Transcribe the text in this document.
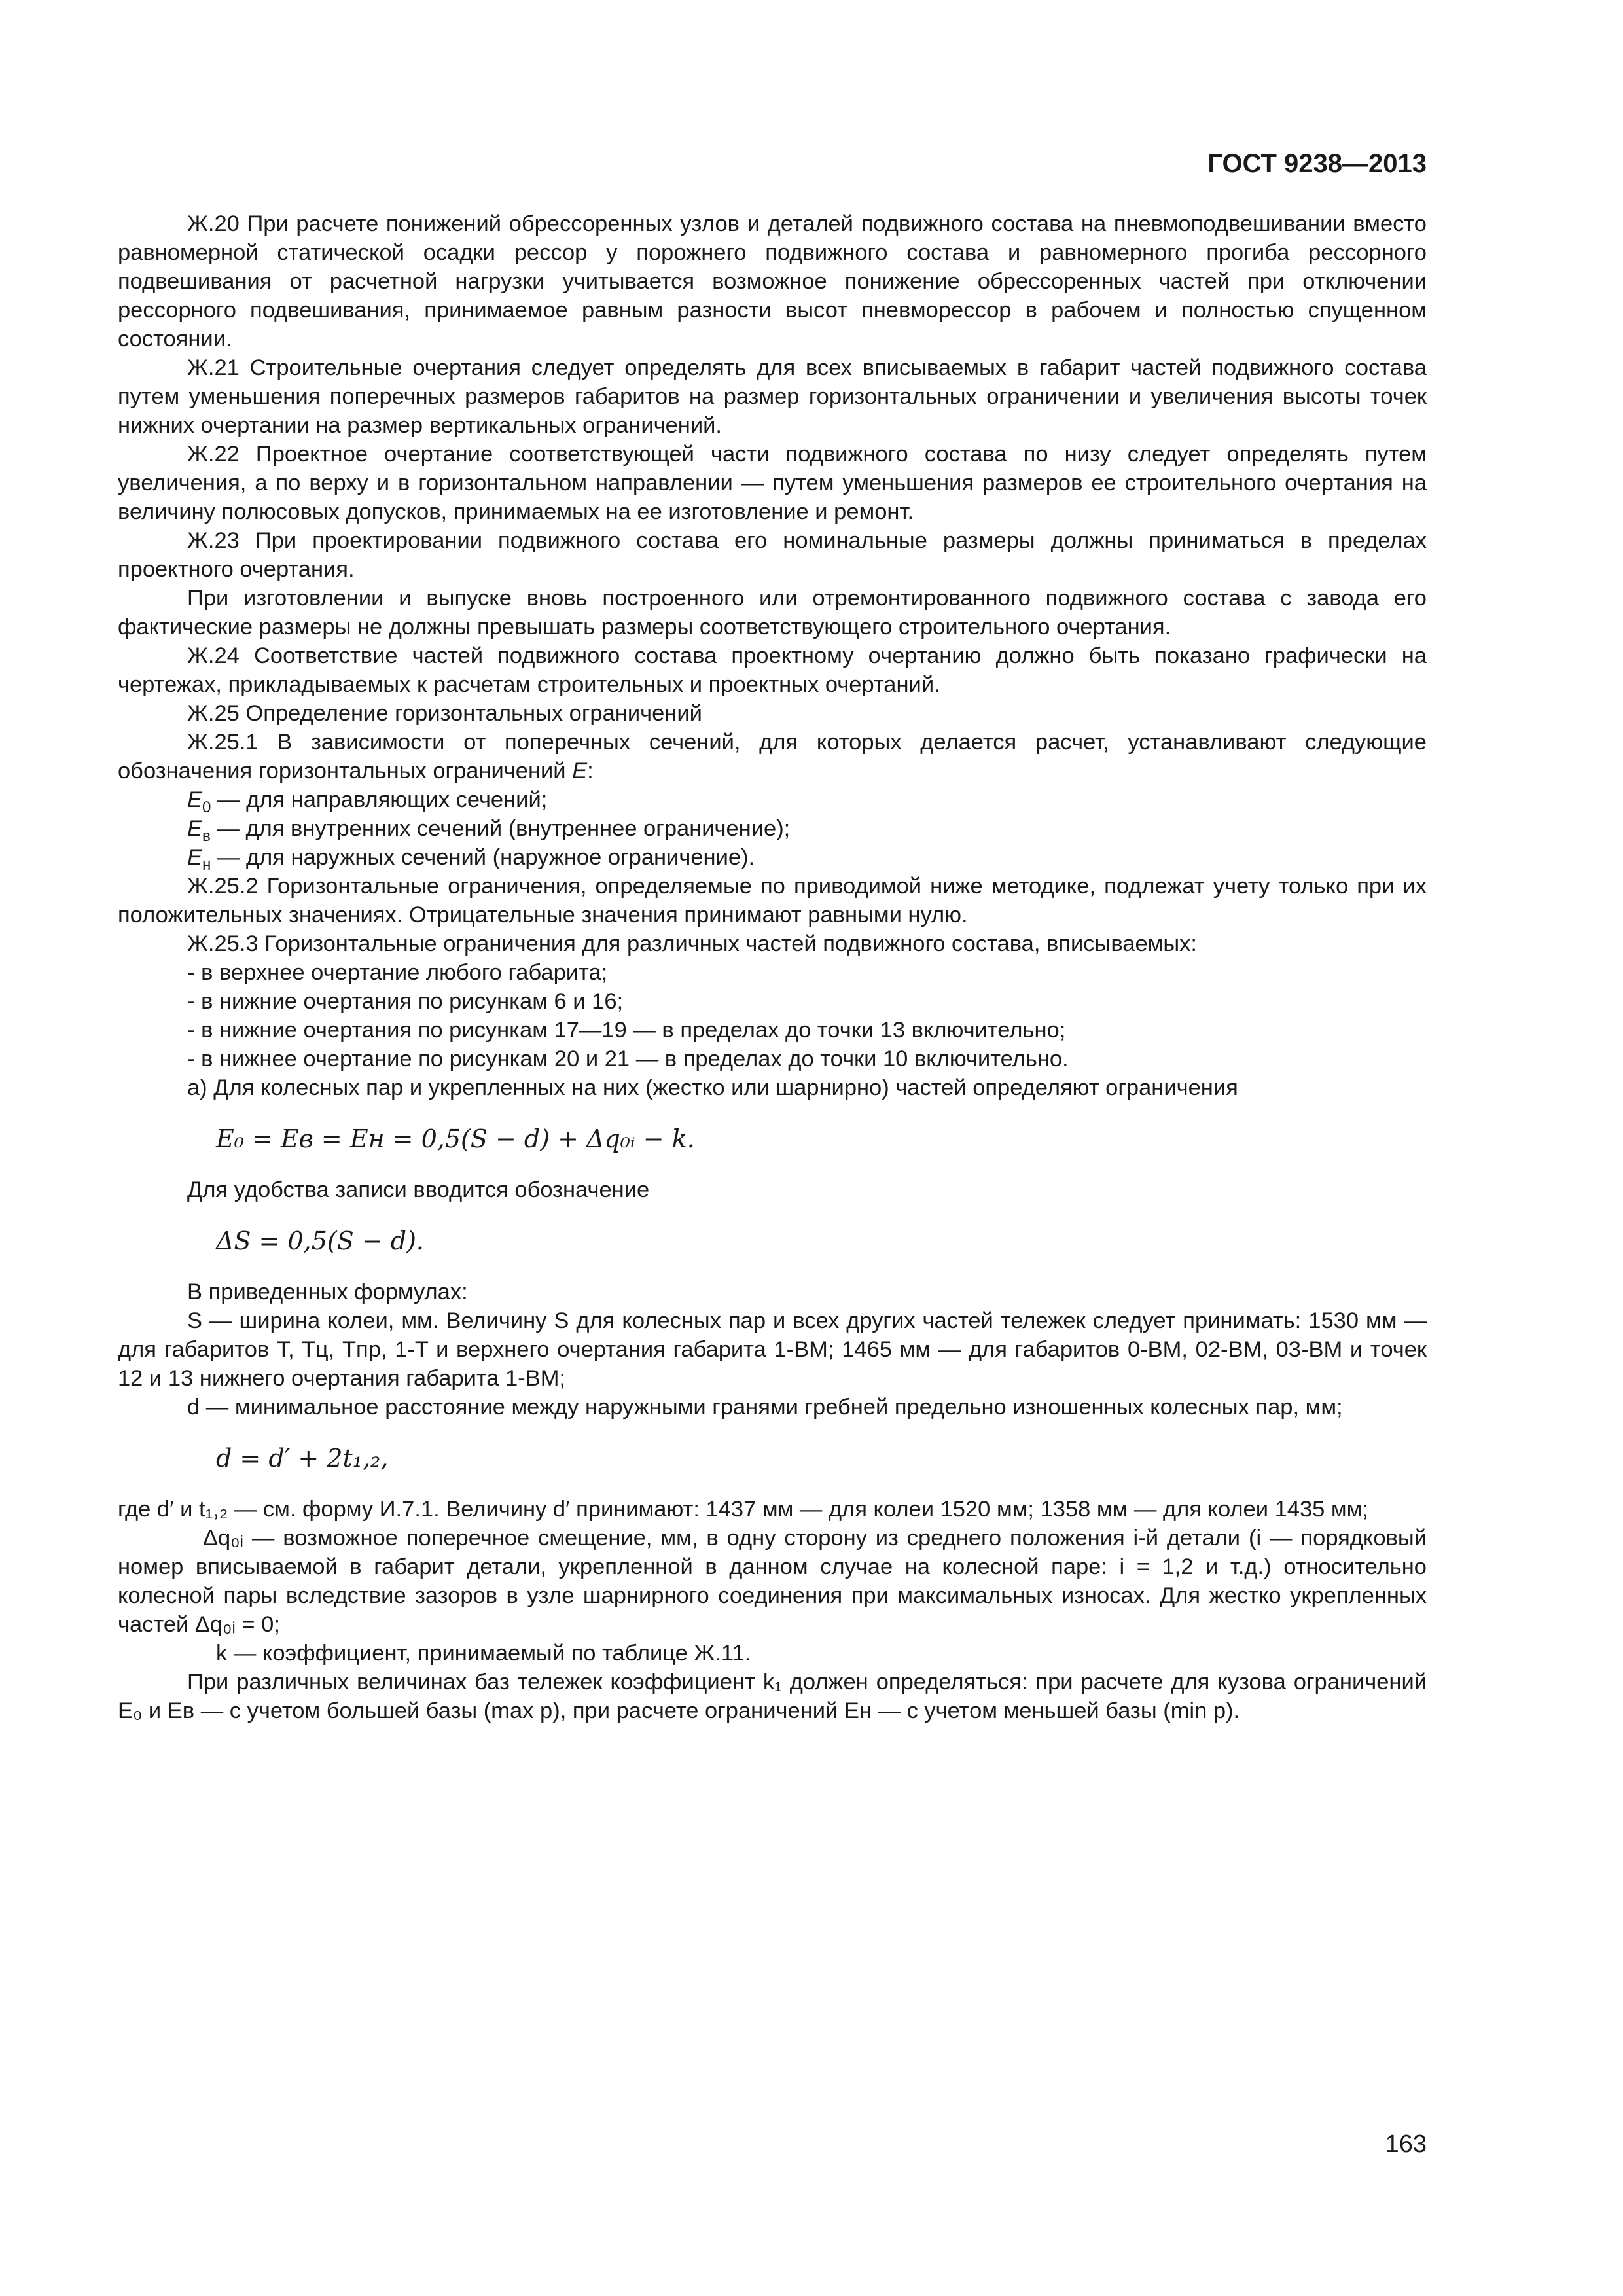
ГОСТ 9238—2013

Ж.20 При расчете понижений обрессоренных узлов и деталей подвижного состава на пневмоподвешивании вместо равномерной статической осадки рессор у порожнего подвижного состава и равномерного прогиба рессорного подвешивания от расчетной нагрузки учитывается возможное понижение обрессоренных частей при отключении рессорного подвешивания, принимаемое равным разности высот пневморессор в рабочем и полностью спущенном состоянии.

Ж.21 Строительные очертания следует определять для всех вписываемых в габарит частей подвижного состава путем уменьшения поперечных размеров габаритов на размер горизонтальных ограничении и увеличения высоты точек нижних очертании на размер вертикальных ограничений.

Ж.22 Проектное очертание соответствующей части подвижного состава по низу следует определять путем увеличения, а по верху и в горизонтальном направлении — путем уменьшения размеров ее строительного очертания на величину полюсовых допусков, принимаемых на ее изготовление и ремонт.

Ж.23 При проектировании подвижного состава его номинальные размеры должны приниматься в пределах проектного очертания.

При изготовлении и выпуске вновь построенного или отремонтированного подвижного состава с завода его фактические размеры не должны превышать размеры соответствующего строительного очертания.

Ж.24 Соответствие частей подвижного состава проектному очертанию должно быть показано графически на чертежах, прикладываемых к расчетам строительных и проектных очертаний.

Ж.25 Определение горизонтальных ограничений

Ж.25.1 В зависимости от поперечных сечений, для которых делается расчет, устанавливают следующие обозначения горизонтальных ограничений E:

$E_0$ — для направляющих сечений;
$E_в$ — для внутренних сечений (внутреннее ограничение);
$E_н$ — для наружных сечений (наружное ограничение).

Ж.25.2 Горизонтальные ограничения, определяемые по приводимой ниже методике, подлежат учету только при их положительных значениях. Отрицательные значения принимают равными нулю.

Ж.25.3 Горизонтальные ограничения для различных частей подвижного состава, вписываемых:

- в верхнее очертание любого габарита;
- в нижние очертания по рисункам 6 и 16;
- в нижние очертания по рисункам 17—19 — в пределах до точки 13 включительно;
- в нижнее очертание по рисункам 20 и 21 — в пределах до точки 10 включительно.

а) Для колесных пар и укрепленных на них (жестко или шарнирно) частей определяют ограничения

E₀ = Eв = Eн = 0,5(S − d) + Δq₀ᵢ − k.

Для удобства записи вводится обозначение

ΔS = 0,5(S − d).

В приведенных формулах:

S — ширина колеи, мм. Величину S для колесных пар и всех других частей тележек следует принимать: 1530 мм — для габаритов T, Tц, Tпр, 1-T и верхнего очертания габарита 1-ВМ; 1465 мм — для габаритов 0-ВМ, 02-ВМ, 03-ВМ и точек 12 и 13 нижнего очертания габарита 1-ВМ;

d — минимальное расстояние между наружными гранями гребней предельно изношенных колесных пар, мм;

d = d′ + 2t₁,₂,

где d′ и t₁,₂ — см. форму И.7.1. Величину d′ принимают: 1437 мм — для колеи 1520 мм; 1358 мм — для колеи 1435 мм;

Δq₀ᵢ — возможное поперечное смещение, мм, в одну сторону из среднего положения i-й детали (i — порядковый номер вписываемой в габарит детали, укрепленной в данном случае на колесной паре: i = 1,2 и т.д.) относительно колесной пары вследствие зазоров в узле шарнирного соединения при максимальных износах. Для жестко укрепленных частей Δq₀ᵢ = 0;

k — коэффициент, принимаемый по таблице Ж.11.

При различных величинах баз тележек коэффициент k₁ должен определяться: при расчете для кузова ограничений E₀ и Eв — с учетом большей базы (max p), при расчете ограничений Eн — с учетом меньшей базы (min p).

163
